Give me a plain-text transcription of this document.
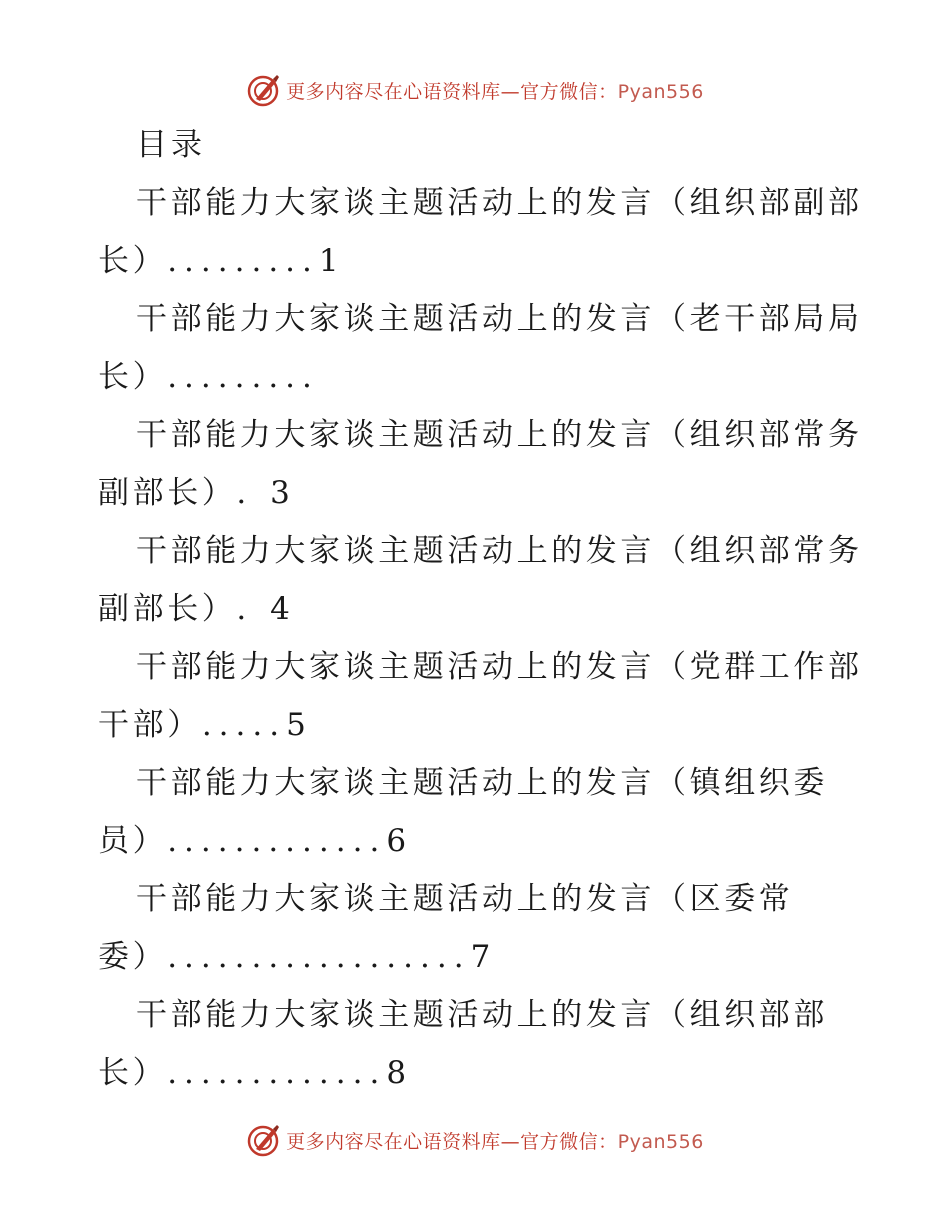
更多内容尽在心语资料库—官方微信：Pyan556
目录
干部能力大家谈主题活动上的发言（组织部副部
长）.........1
干部能力大家谈主题活动上的发言（老干部局局
长）.........
干部能力大家谈主题活动上的发言（组织部常务
副部长）. 3
干部能力大家谈主题活动上的发言（组织部常务
副部长）. 4
干部能力大家谈主题活动上的发言（党群工作部
干部）.....5
干部能力大家谈主题活动上的发言（镇组织委
员）.............6
干部能力大家谈主题活动上的发言（区委常
委）..................7
干部能力大家谈主题活动上的发言（组织部部
长）.............8
更多内容尽在心语资料库—官方微信：Pyan556
